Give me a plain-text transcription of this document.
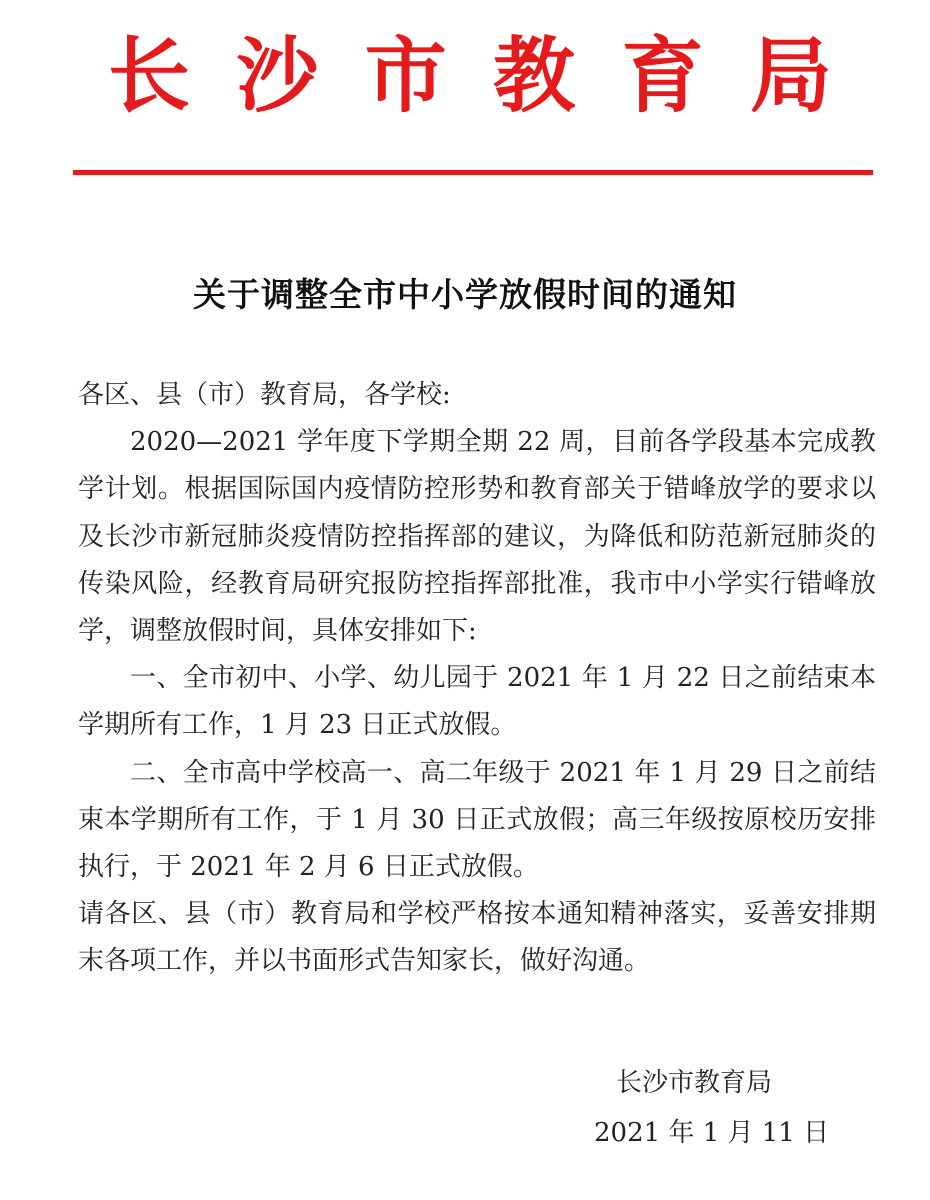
长 沙 市 教 育 局
关于调整全市中小学放假时间的通知

各区、县（市）教育局，各学校:

2020—2021 学年度下学期全期 22 周，目前各学段基本完成教学计划。根据国际国内疫情防控形势和教育部关于错峰放学的要求以及长沙市新冠肺炎疫情防控指挥部的建议，为降低和防范新冠肺炎的传染风险，经教育局研究报防控指挥部批准，我市中小学实行错峰放学，调整放假时间，具体安排如下:

一、全市初中、小学、幼儿园于 2021 年 1 月 22 日之前结束本学期所有工作，1 月 23 日正式放假。

二、全市高中学校高一、高二年级于 2021 年 1 月 29 日之前结束本学期所有工作，于 1 月 30 日正式放假；高三年级按原校历安排执行，于 2021 年 2 月 6 日正式放假。

请各区、县（市）教育局和学校严格按本通知精神落实，妥善安排期末各项工作，并以书面形式告知家长，做好沟通。

长沙市教育局
2021 年 1 月 11 日
